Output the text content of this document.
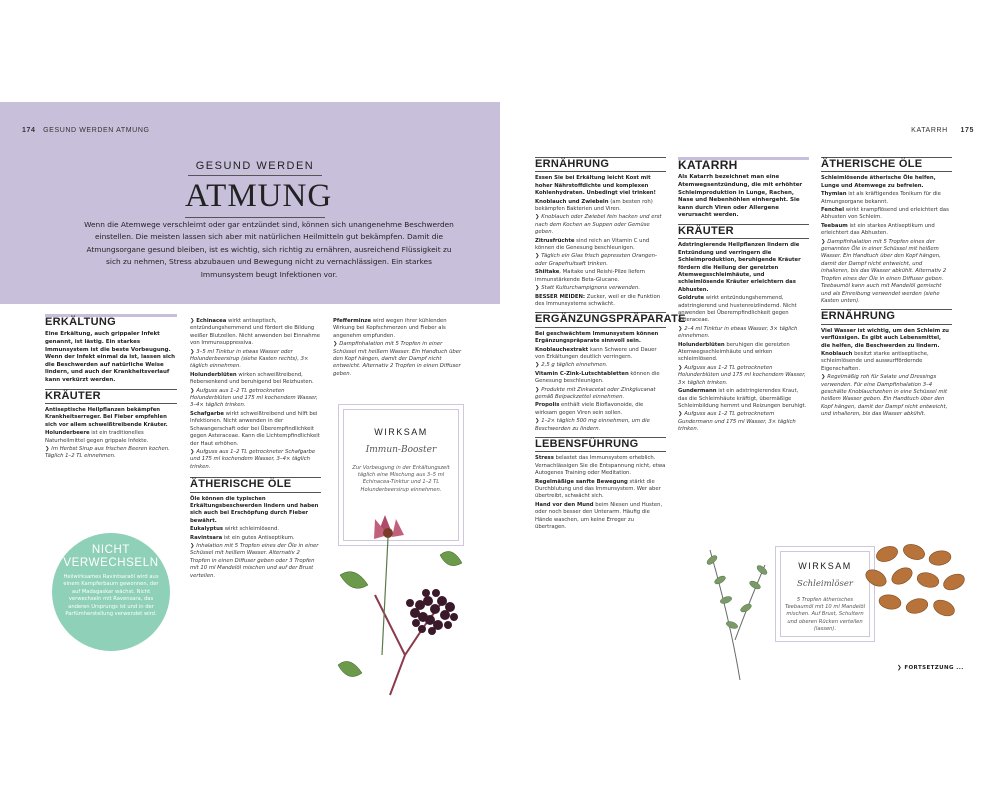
174 GESUND WERDEN ATMUNG	KATARRH 175
GESUND WERDEN
ATMUNG
Wenn die Atemwege verschleimt oder gar entzündet sind, können sich unangenehme Beschwerden einstellen. Die meisten lassen sich aber mit natürlichen Heilmitteln gut bekämpfen. Damit die Atmungsorgane gesund bleiben, ist es wichtig, sich richtig zu ernähren, ausreichend Flüssigkeit zu sich zu nehmen, Stress abzubauen und Bewegung nicht zu vernachlässigen. Ein starkes Immunsystem beugt Infektionen vor.
ERKÄLTUNG

Eine Erkältung, auch grippaler Infekt genannt, ist lästig. Ein starkes Immunsystem ist die beste Vorbeugung. Wenn der Infekt einmal da ist, lassen sich die Beschwerden auf natürliche Weise lindern, und auch der Krankheitsverlauf kann verkürzt werden.

KRÄUTER

Antiseptische Heilpflanzen bekämpfen Krankheitserreger. Bei Fieber empfehlen sich vor allem schweißtreibende Kräuter.

Holunderbeere ist ein traditionelles Naturheilmittel gegen grippale Infekte.

❯ Im Herbst Sirup aus frischen Beeren kochen. Täglich 1–2 TL einnehmen.

NICHT
VERWECHSELN
Heilwirksames Ravintsaraöl wird aus einem Kampferbaum gewonnen, der auf Madagaskar wächst. Nicht verwechseln mit Ravensara, das anderen Ursprungs ist und in der Parfümherstellung verwendet wird.

❯ Echinacea wirkt antiseptisch, entzündungshemmend und fördert die Bildung weißer Blutzellen. Nicht anwenden bei Einnahme von Immunsuppressiva.

❯ 3–5 ml Tinktur in etwas Wasser oder Holunderbeersirup (siehe Kasten rechts), 3× täglich einnehmen.

Holunderblüten wirken schweißtreibend, fiebersenkend und beruhigend bei Reizhusten.

❯ Aufguss aus 1–2 TL getrockneten Holunderblüten und 175 ml kochendem Wasser, 3–4× täglich trinken.

Schafgarbe wirkt schweißtreibend und hilft bei Infektionen. Nicht anwenden in der Schwangerschaft oder bei Überempfindlichkeit gegen Asteraceae. Kann die Lichtempfindlichkeit der Haut erhöhen.

❯ Aufguss aus 1–2 TL getrockneter Schafgarbe und 175 ml kochendem Wasser, 3–4× täglich trinken.

ÄTHERISCHE ÖLE

Öle können die typischen Erkältungsbeschwerden lindern und haben sich auch bei Erschöpfung durch Fieber bewährt.

Eukalyptus wirkt schleimlösend.

Ravintsara ist ein gutes Antiseptikum.

❯ Inhalation mit 5 Tropfen eines der Öle in einer Schüssel mit heißem Wasser. Alternativ 2 Tropfen in einen Diffuser geben oder 3 Tropfen mit 10 ml Mandelöl mischen und auf der Brust verteilen.

Pfefferminze wird wegen ihrer kühlenden Wirkung bei Kopfschmerzen und Fieber als angenehm empfunden.

❯ Dampfinhalation mit 5 Tropfen in einer Schüssel mit heißem Wasser. Ein Handtuch über den Kopf hängen, damit der Dampf nicht entweicht. Alternativ 2 Tropfen in einen Diffuser geben.

WIRKSAM
Immun-Booster
Zur Vorbeugung in der Erkältungszeit täglich eine Mischung aus 3–5 ml Echinacea-Tinktur und 1–2 TL Holunderbeersirup einnehmen.
ERNÄHRUNG

Essen Sie bei Erkältung leicht Kost mit hoher Nährstoffdichte und komplexen Kohlenhydraten. Unbedingt viel trinken!

Knoblauch und Zwiebeln (am besten roh) bekämpfen Bakterien und Viren.

❯ Knoblauch oder Zwiebel fein hacken und erst nach dem Kochen an Suppen oder Gemüse geben.

Zitrusfrüchte sind reich an Vitamin C und können die Genesung beschleunigen.

❯ Täglich ein Glas frisch gepressten Orangen- oder Grapefruitsaft trinken.

Shiitake, Maitake und Reishi-Pilze liefern immunstärkende Beta-Glucane.

❯ Statt Kulturchampignons verwenden.

BESSER MEIDEN: Zucker, weil er die Funktion des Immunsystems schwächt.

ERGÄNZUNGSPRÄPARATE

Bei geschwächtem Immunsystem können Ergänzungspräparate sinnvoll sein.

Knoblauchextrakt kann Schwere und Dauer von Erkältungen deutlich verringern.

❯ 2,5 g täglich einnehmen.

Vitamin C-Zink-Lutschtabletten können die Genesung beschleunigen.

❯ Produkte mit Zinkacetat oder Zinkglucanat gemäß Beipackzettel einnehmen.

Propolis enthält viele Bioflavonoide, die wirksam gegen Viren sein sollen.

❯ 1–2× täglich 500 mg einnehmen, um die Beschwerden zu lindern.

LEBENSFÜHRUNG

Stress belastet das Immunsystem erheblich. Vernachlässigen Sie die Entspannung nicht, etwa Autogenes Training oder Meditation.

Regelmäßige sanfte Bewegung stärkt die Durchblutung und das Immunsystem. Wer aber übertreibt, schwächt sich.

Hand vor den Mund beim Niesen und Husten, oder noch besser den Unterarm. Häufig die Hände waschen, um keine Erreger zu übertragen.

KATARRH

Als Katarrh bezeichnet man eine Atemwegsentzündung, die mit erhöhter Schleimproduktion in Lunge, Rachen, Nase und Nebenhöhlen einhergeht. Sie kann durch Viren oder Allergene verursacht werden.

KRÄUTER

Adstringierende Heilpflanzen lindern die Entzündung und verringern die Schleimproduktion, beruhigende Kräuter fördern die Heilung der gereizten Atemwegsschleimhäute, und schleimlösende Kräuter erleichtern das Abhusten.

Goldrute wirkt entzündungshemmend, adstringierend und hustenreizlindernd. Nicht anwenden bei Überempfindlichkeit gegen Asteraceae.

❯ 2–4 ml Tinktur in etwas Wasser, 3× täglich einnehmen.

Holunderblüten beruhigen die gereizten Atemwegsschleimhäute und wirken schleimlösend.

❯ Aufguss aus 1–2 TL getrockneten Holunderblüten und 175 ml kochendem Wasser, 3× täglich trinken.

Gundermann ist ein adstringierendes Kraut, das die Schleimhäute kräftigt, übermäßige Schleimbildung hemmt und Reizungen beruhigt.

❯ Aufguss aus 1–2 TL getrocknetem Gundermann und 175 ml Wasser, 3× täglich trinken.

ÄTHERISCHE ÖLE

Schleimlösende ätherische Öle helfen, Lunge und Atemwege zu befreien.

Thymian ist als kräftigendes Tonikum für die Atmungsorgane bekannt.

Fenchel wirkt krampflösend und erleichtert das Abhusten von Schleim.

Teebaum ist ein starkes Antiseptikum und erleichtert das Abhusten.

❯ Dampfinhalation mit 5 Tropfen eines der genannten Öle in einer Schüssel mit heißem Wasser. Ein Handtuch über den Kopf hängen, damit der Dampf nicht entweicht, und inhalieren, bis das Wasser abkühlt. Alternativ 2 Tropfen eines der Öle in einen Diffuser geben. Teebaumöl kann auch mit Mandelöl gemischt und als Einreibung verwendet werden (siehe Kasten unten).

ERNÄHRUNG

Viel Wasser ist wichtig, um den Schleim zu verflüssigen. Es gibt auch Lebensmittel, die helfen, die Beschwerden zu lindern.

Knoblauch besitzt starke antiseptische, schleimlösende und auswurffördernde Eigenschaften.

❯ Regelmäßig roh für Salate und Dressings verwenden. Für eine Dampfinhalation 3–4 geschälte Knoblauchzehen in eine Schüssel mit heißem Wasser geben. Ein Handtuch über den Kopf hängen, damit der Dampf nicht entweicht, und inhalieren, bis das Wasser abkühlt.

WIRKSAM
Schleimlöser
5 Tropfen ätherisches Teebaumöl mit 10 ml Mandelöl mischen. Auf Brust, Schultern und oberen Rücken verteilen (lassen).
❯ FORTSETZUNG ...
